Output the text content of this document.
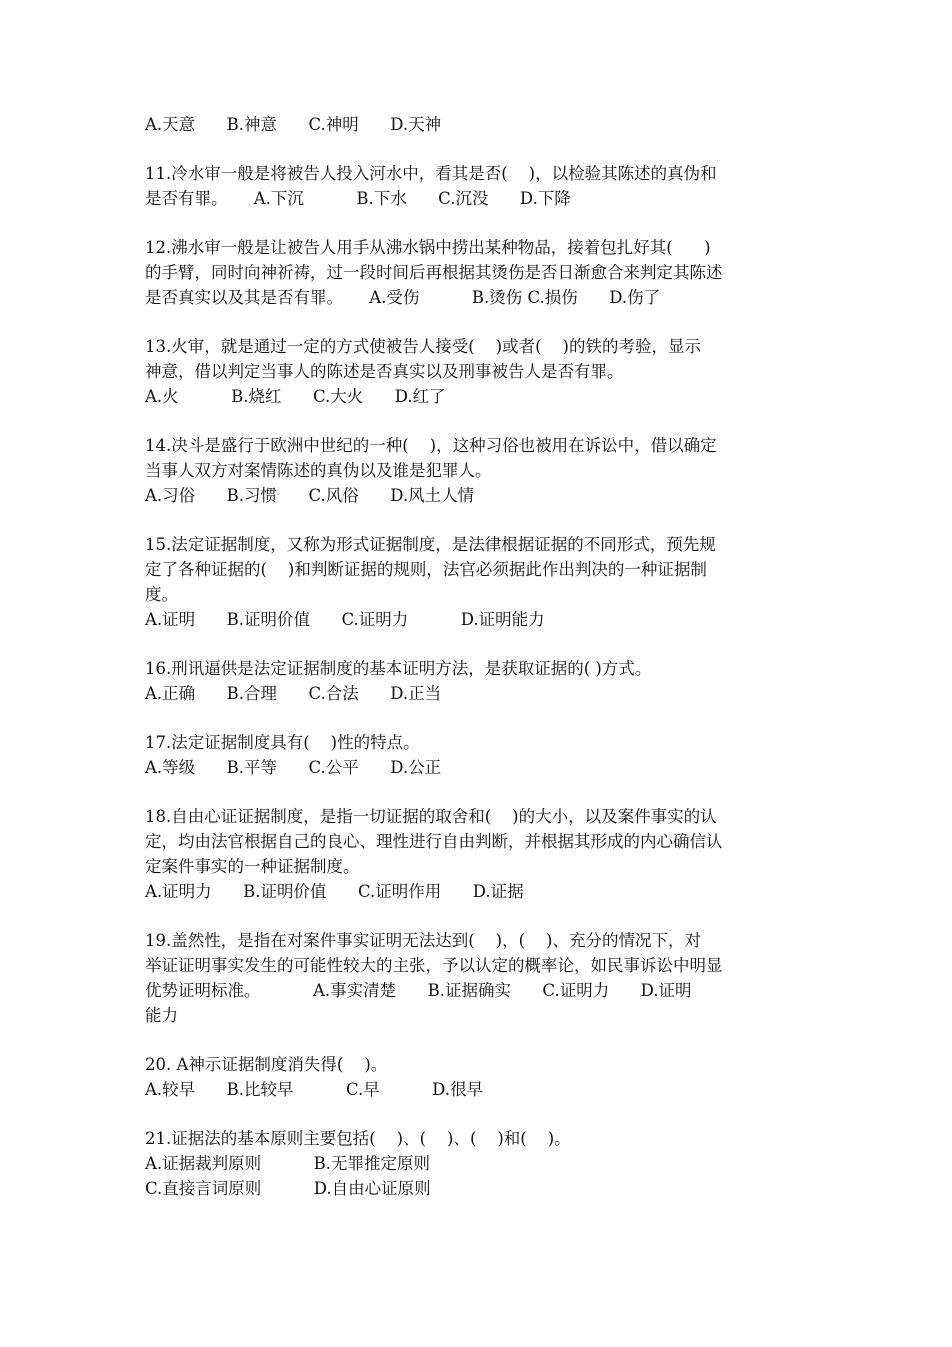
A.天意      B.神意      C.神明      D.天神
11.冷水审一般是将被告人投入河水中，看其是否(    )，以检验其陈述的真伪和
是否有罪。     A.下沉          B.下水      C.沉没      D.下降
12.沸水审一般是让被告人用手从沸水锅中捞出某种物品，接着包扎好其(      )
的手臂，同时向神祈祷，过一段时间后再根据其烫伤是否日渐愈合来判定其陈述
是否真实以及其是否有罪。     A.受伤          B.烫伤 C.损伤      D.伤了
13.火审，就是通过一定的方式使被告人接受(    )或者(    )的铁的考验，显示
神意，借以判定当事人的陈述是否真实以及刑事被告人是否有罪。
A.火          B.烧红      C.大火      D.红了
14.决斗是盛行于欧洲中世纪的一种(    )，这种习俗也被用在诉讼中，借以确定
当事人双方对案情陈述的真伪以及谁是犯罪人。
A.习俗      B.习惯      C.风俗      D.风土人情
15.法定证据制度，又称为形式证据制度，是法律根据证据的不同形式，预先规
定了各种证据的(    )和判断证据的规则，法官必须据此作出判决的一种证据制
度。
A.证明      B.证明价值      C.证明力          D.证明能力
16.刑讯逼供是法定证据制度的基本证明方法，是获取证据的( )方式。
A.正确      B.合理      C.合法      D.正当
17.法定证据制度具有(    )性的特点。
A.等级      B.平等      C.公平      D.公正
18.自由心证证据制度，是指一切证据的取舍和(    )的大小，以及案件事实的认
定，均由法官根据自己的良心、理性进行自由判断，并根据其形成的内心确信认
定案件事实的一种证据制度。
A.证明力      B.证明价值      C.证明作用      D.证据
19.盖然性，是指在对案件事实证明无法达到(    )，(    )、充分的情况下，对
举证证明事实发生的可能性较大的主张，予以认定的概率论，如民事诉讼中明显
优势证明标准。          A.事实清楚      B.证据确实      C.证明力      D.证明
能力
20. A神示证据制度消失得(    )。
A.较早      B.比较早          C.早          D.很早
21.证据法的基本原则主要包括(    )、(    )、(    )和(    )。
A.证据裁判原则          B.无罪推定原则
C.直接言词原则          D.自由心证原则
